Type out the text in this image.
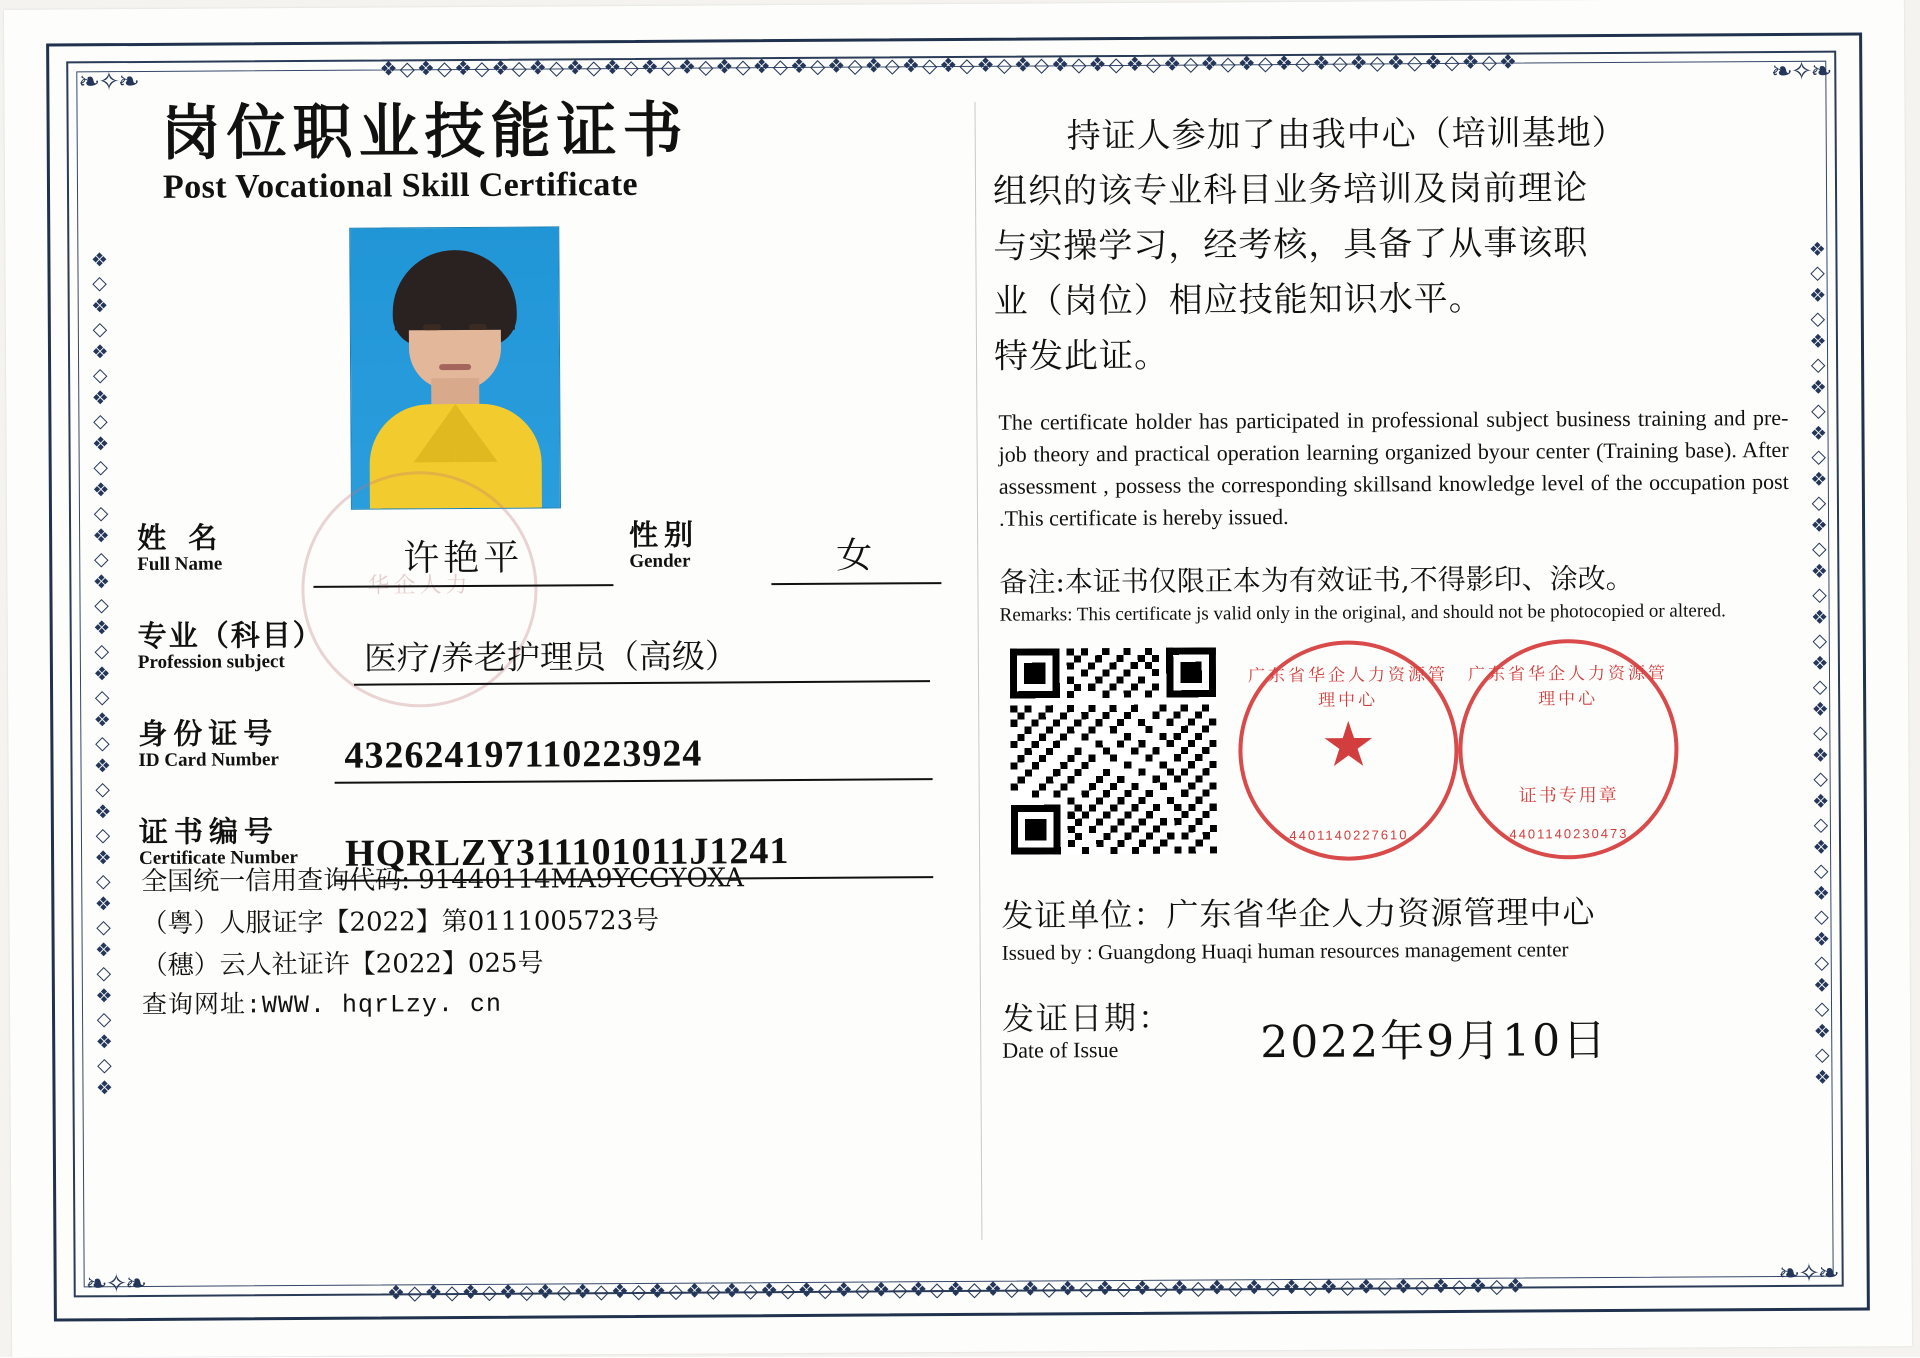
❖◇❖◇❖◇❖◇❖◇❖◇❖◇❖◇❖◇❖◇❖◇❖◇❖◇❖◇❖◇❖◇❖◇❖◇❖◇❖◇❖◇❖◇❖◇❖◇❖◇❖◇❖◇❖◇❖◇❖◇❖
❖◇❖◇❖◇❖◇❖◇❖◇❖◇❖◇❖◇❖◇❖◇❖◇❖◇❖◇❖◇❖◇❖◇❖◇❖◇❖◇❖◇❖◇❖◇❖◇❖◇❖◇❖◇❖◇❖◇❖◇❖
❖◇❖◇❖◇❖◇❖◇❖◇❖◇❖◇❖◇❖◇❖◇❖◇❖◇❖◇❖◇❖◇❖◇❖◇❖	❖◇❖◇❖◇❖◇❖◇❖◇❖◇❖◇❖◇❖◇❖◇❖◇❖◇❖◇❖◇❖◇❖◇❖◇❖
❧✧❧	❧✧❧
❧✧❧	❧✧❧
岗位职业技能证书
Post Vocational Skill Certificate
华企人力
姓 名
Full Name	许艳平
性别
Gender	女
专业（科目）
Profession subject	医疗/养老护理员（高级）
身份证号
ID Card Number	432624197110223924
证书编号
Certificate Number	HQRLZY311101011J1241
全国统一信用查询代码: 91440114MA9YCGYOXA
（粤）人服证字【2022】第0111005723号
（穗）云人社证许【2022】025号
查询网址:WWW. hqrLzy. cn
持证人参加了由我中心（培训基地）
组织的该专业科目业务培训及岗前理论
与实操学习，经考核，具备了从事该职
业（岗位）相应技能知识水平。
特发此证。
The certificate holder has participated in professional subject business training and pre-job theory and practical operation learning organized byour center (Training base). After assessment , possess the corresponding skillsand knowledge level of the occupation post .This certificate is hereby issued.
备注:本证书仅限正本为有效证书,不得影印、涂改。
Remarks: This certificate js valid only in the original, and should not be photocopied or altered.
广东省华企人力资源管理中心
★
4401140227610
广东省华企人力资源管理中心
证书专用章
4401140230473
发证单位：广东省华企人力资源管理中心
Issued by : Guangdong Huaqi human resources management center
发证日期：
Date of Issue	2022年9月10日
